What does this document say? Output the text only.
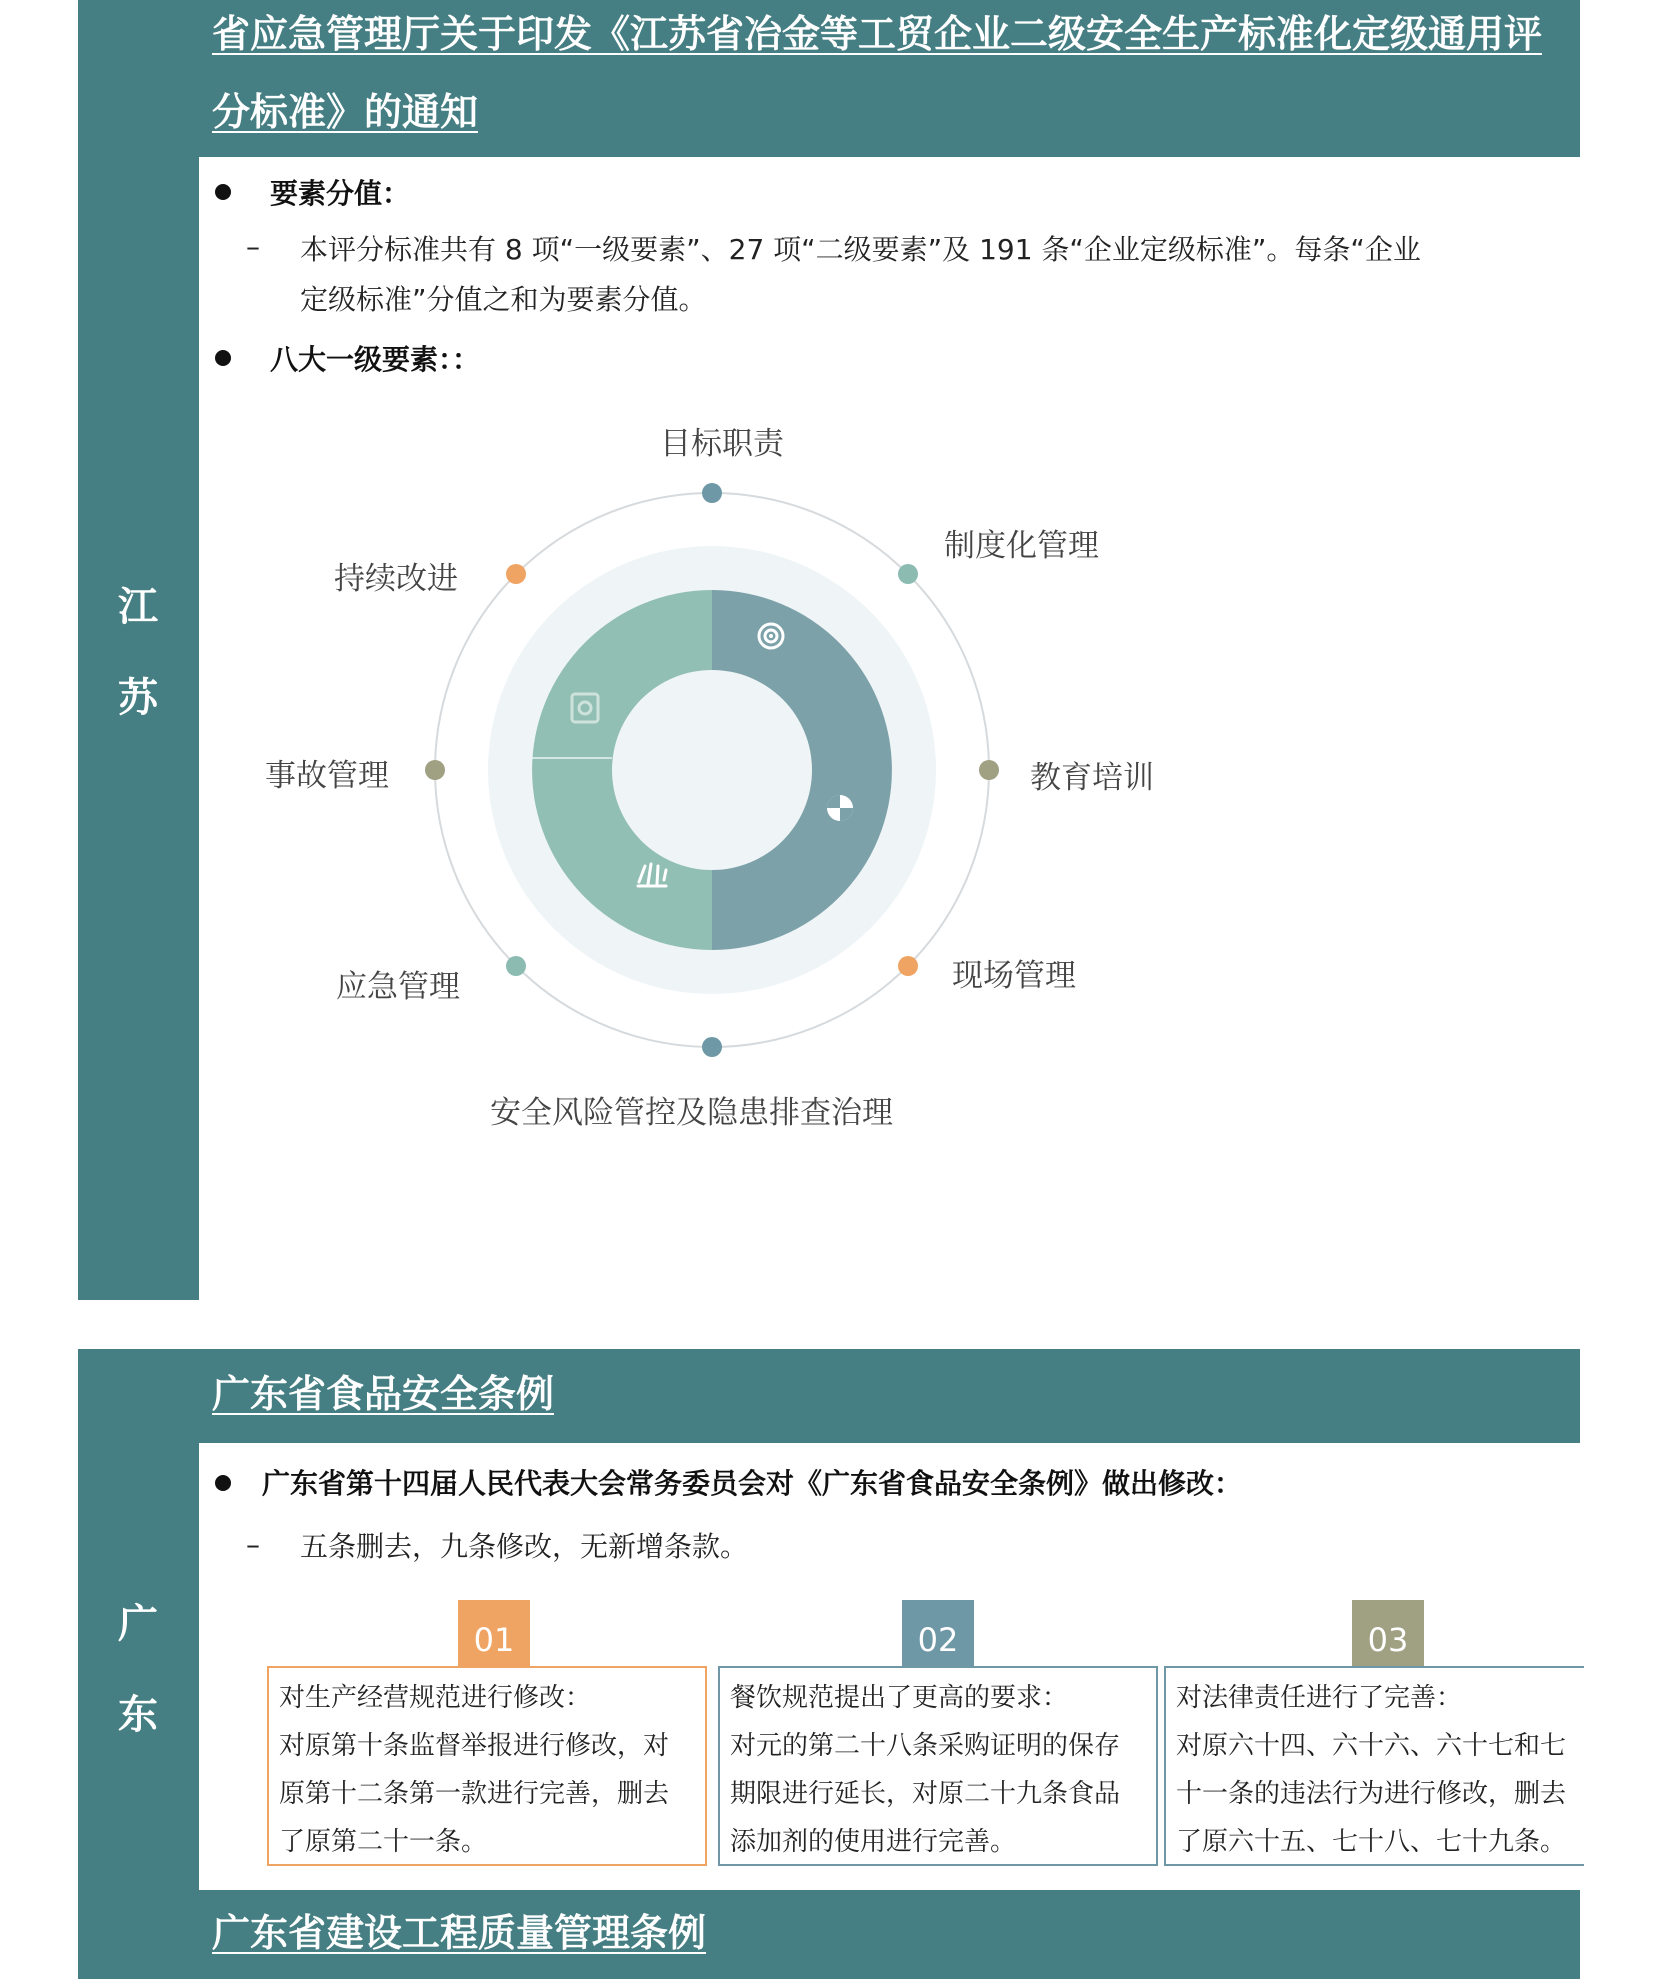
江
苏

省应急管理厅关于印发《江苏省冶金等工贸企业二级安全生产标准化定级通用评

分标准》的通知

要素分值：
– 本评分标准共有 8 项“一级要素”、27 项“二级要素”及 191 条“企业定级标准”。每条“企业
定级标准”分值之和为要素分值。
八大一级要素：：
目标职责
制度化管理
教育培训
现场管理
安全风险管控及隐患排查治理
应急管理
事故管理
持续改进
广
东

广东省食品安全条例

广东省第十四届人民代表大会常务委员会对《广东省食品安全条例》做出修改：
– 五条删去，九条修改，无新增条款。
01
对生产经营规范进行修改：
对原第十条监督举报进行修改，对
原第十二条第一款进行完善，删去
了原第二十一条。
02
餐饮规范提出了更高的要求：
对元的第二十八条采购证明的保存
期限进行延长，对原二十九条食品
添加剂的使用进行完善。
03
对法律责任进行了完善：
对原六十四、六十六、六十七和七
十一条的违法行为进行修改，删去
了原六十五、七十八、七十九条。

广东省建设工程质量管理条例
